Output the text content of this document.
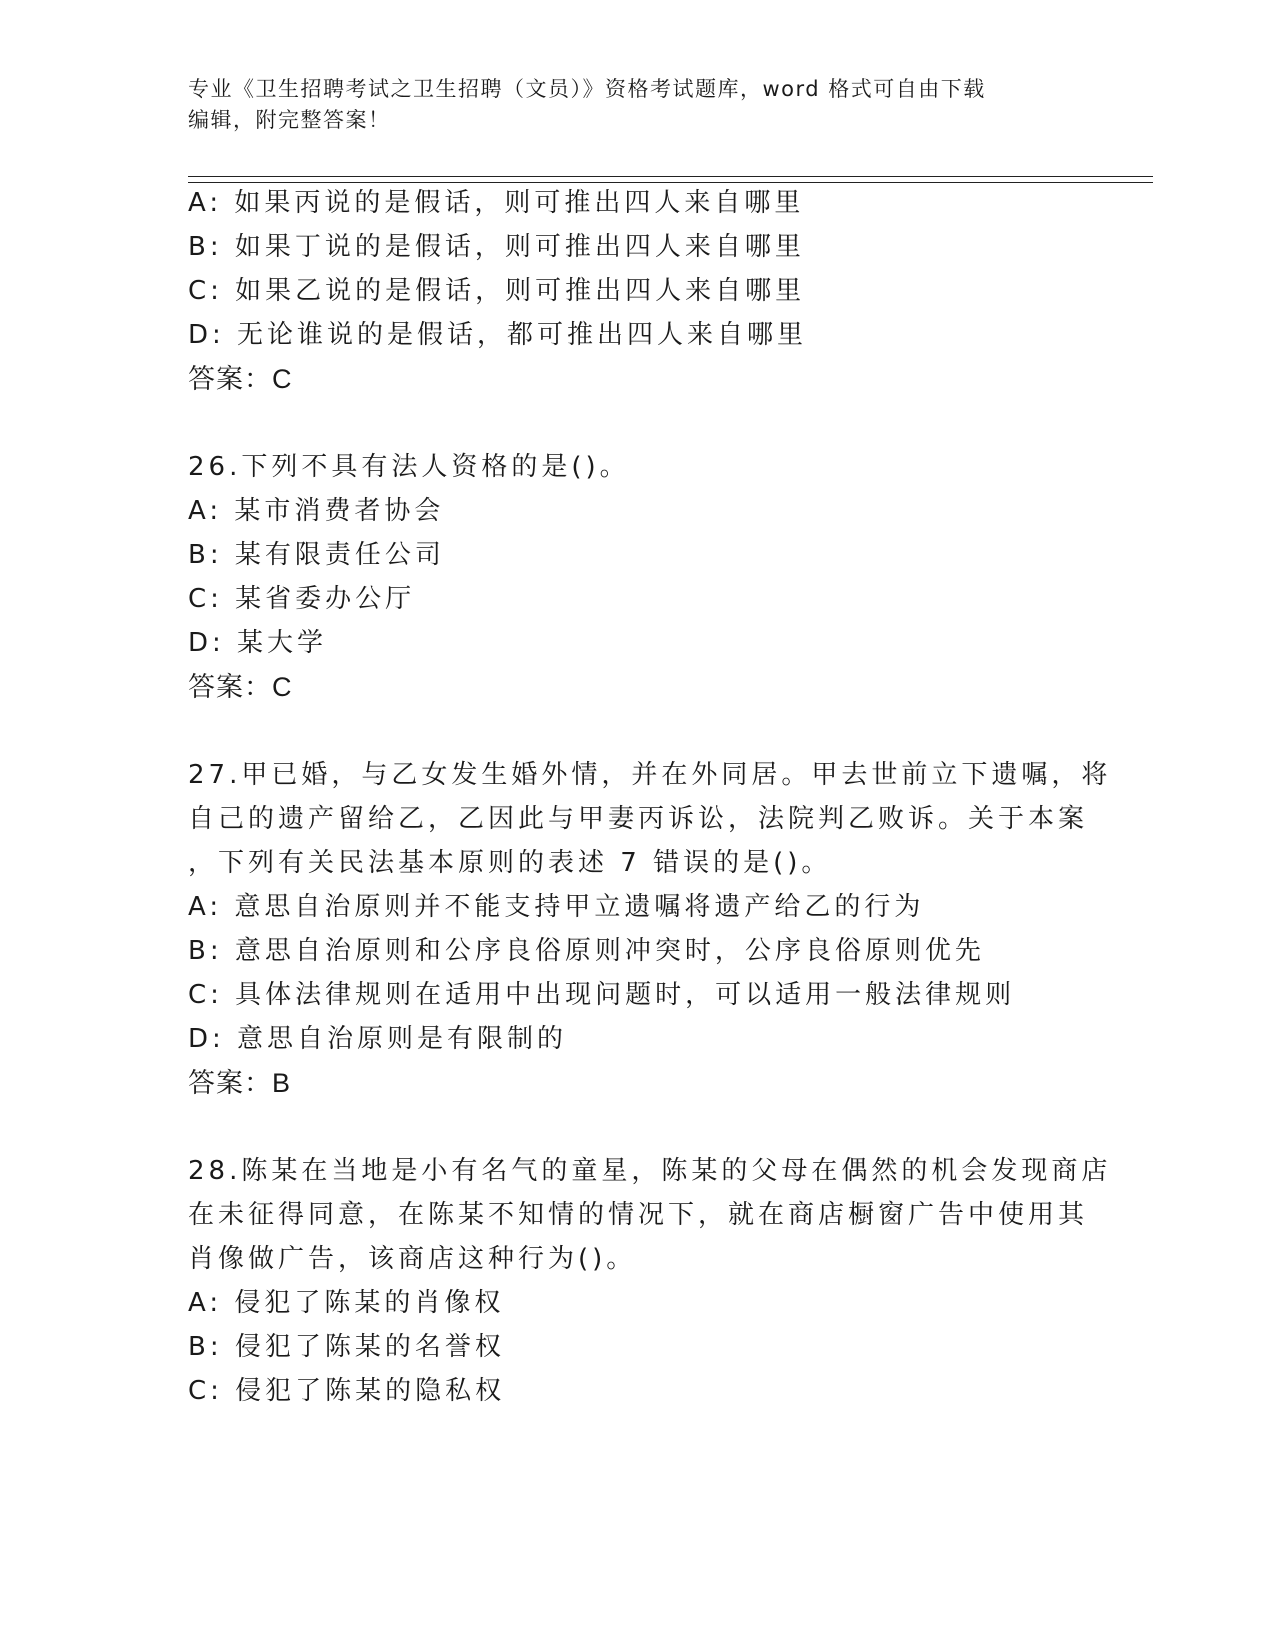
专业《卫生招聘考试之卫生招聘（文员）》资格考试题库，word 格式可自由下载
编辑，附完整答案！
A: 如果丙说的是假话，则可推出四人来自哪里
B: 如果丁说的是假话，则可推出四人来自哪里
C: 如果乙说的是假话，则可推出四人来自哪里
D: 无论谁说的是假话，都可推出四人来自哪里
答案：C
26.下列不具有法人资格的是()。
A: 某市消费者协会
B: 某有限责任公司
C: 某省委办公厅
D: 某大学
答案：C
27.甲已婚，与乙女发生婚外情，并在外同居。甲去世前立下遗嘱，将
自己的遗产留给乙，乙因此与甲妻丙诉讼，法院判乙败诉。关于本案
，下列有关民法基本原则的表述 7 错误的是()。
A: 意思自治原则并不能支持甲立遗嘱将遗产给乙的行为
B: 意思自治原则和公序良俗原则冲突时，公序良俗原则优先
C: 具体法律规则在适用中出现问题时，可以适用一般法律规则
D: 意思自治原则是有限制的
答案：B
28.陈某在当地是小有名气的童星，陈某的父母在偶然的机会发现商店
在未征得同意，在陈某不知情的情况下，就在商店橱窗广告中使用其
肖像做广告，该商店这种行为()。
A: 侵犯了陈某的肖像权
B: 侵犯了陈某的名誉权
C: 侵犯了陈某的隐私权
